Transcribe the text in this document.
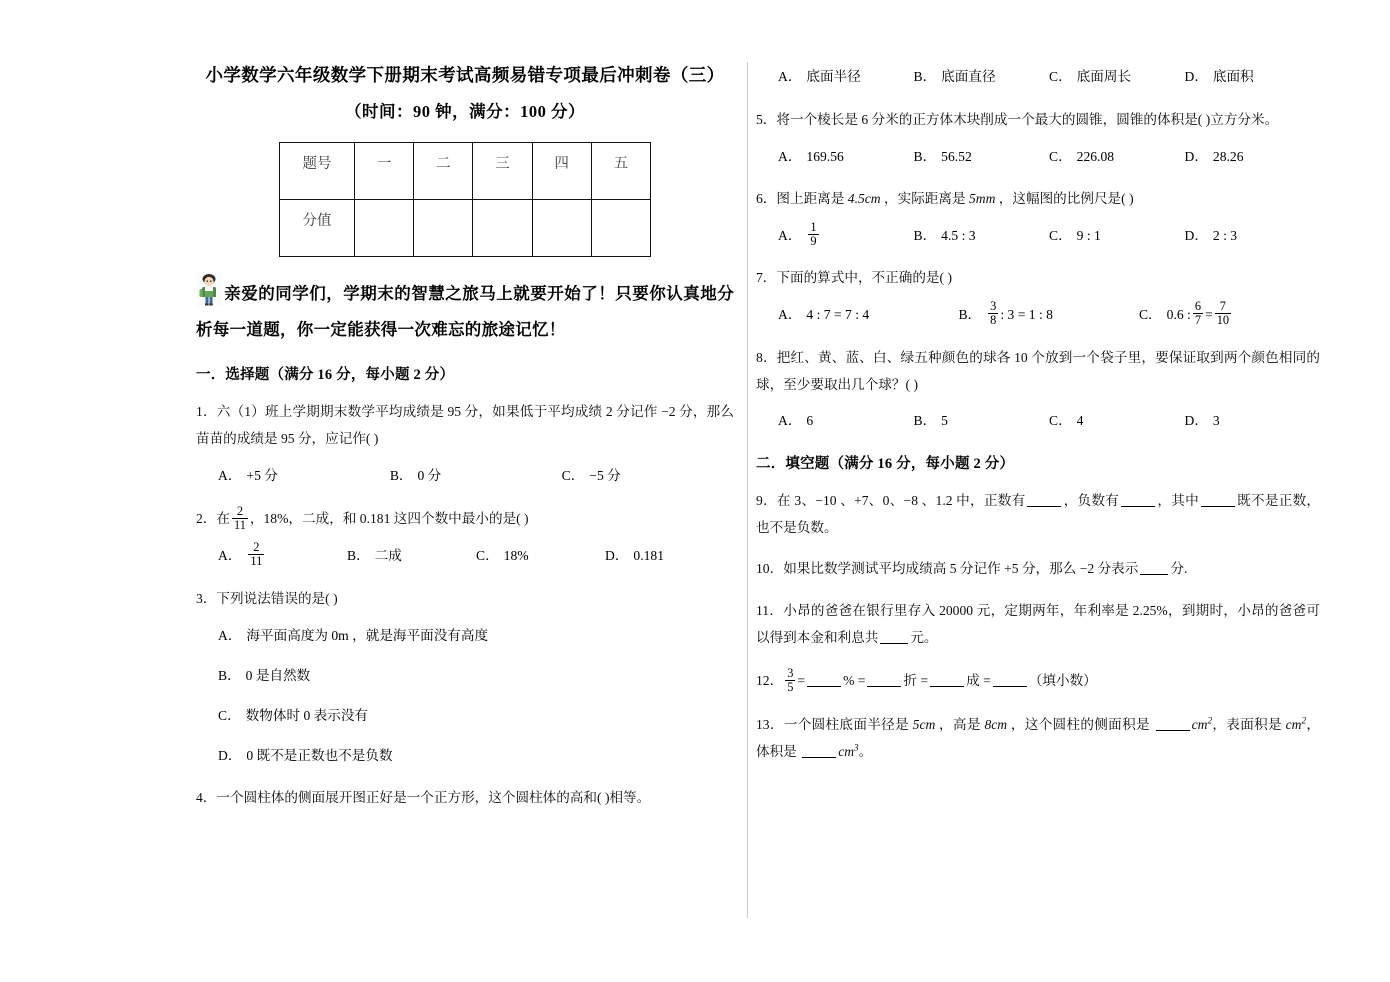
小学数学六年级数学下册期末考试高频易错专项最后冲刺卷（三）
（时间：90 钟，满分：100 分）
题号	一	二	三	四	五
分值					
亲爱的同学们，学期末的智慧之旅马上就要开始了！只要你认真地分析每一道题，你一定能获得一次难忘的旅途记忆！
一．选择题（满分 16 分，每小题 2 分）
1．六（1）班上学期期末数学平均成绩是 95 分，如果低于平均成绩 2 分记作 −2 分，那么苗苗的成绩是 95 分，应记作( )
A． +5 分	B． 0 分	C． −5 分
2．在 $\frac{2}{11}$ ，18%，二成，和 0.181 这四个数中最小的是( )
A． $\frac{2}{11}$	B． 二成	C． 18%	D． 0.181
3．下列说法错误的是( )
A． 海平面高度为 0m ，就是海平面没有高度
B． 0 是自然数
C． 数物体时 0 表示没有
D． 0 既不是正数也不是负数
4．一个圆柱体的侧面展开图正好是一个正方形，这个圆柱体的高和( )相等。
A． 底面半径	B． 底面直径	C． 底面周长	D． 底面积
5．将一个棱长是 6 分米的正方体木块削成一个最大的圆锥，圆锥的体积是( )立方分米。
A． 169.56	B． 56.52	C． 226.08	D． 28.26
6．图上距离是 4.5cm ，实际距离是 5mm ，这幅图的比例尺是( )
A． $\frac{1}{9}$	B． 4.5 : 3	C． 9 : 1	D． 2 : 3
7．下面的算式中，不正确的是( )
A． 4 : 7 = 7 : 4	B． $\frac{3}{8}$ : 3 = 1 : 8	C． 0.6 : $\frac{6}{7} = \frac{7}{10}$
8．把红、黄、蓝、白、绿五种颜色的球各 10 个放到一个袋子里，要保证取到两个颜色相同的球，至少要取出几个球？( )
A． 6	B． 5	C． 4	D． 3
二．填空题（满分 16 分，每小题 2 分）
9．在 3、−10 、+7、0、−8 、1.2 中，正数有	，负数有	，其中	既不是正数，也不是负数。
10．如果比数学测试平均成绩高 5 分记作 +5 分，那么 −2 分表示 分.
11．小昂的爸爸在银行里存入 20000 元，定期两年，年利率是 2.25%，到期时，小昂的爸爸可以得到本金和利息共 元。
12． $\frac{3}{5}$ =	% =	折 =	成 =	（填小数）
13．一个圆柱底面半径是 5cm ，高是 8cm ，这个圆柱的侧面积是	$cm^2$，表面积是 $cm^2$，体积是	$cm^3$。
